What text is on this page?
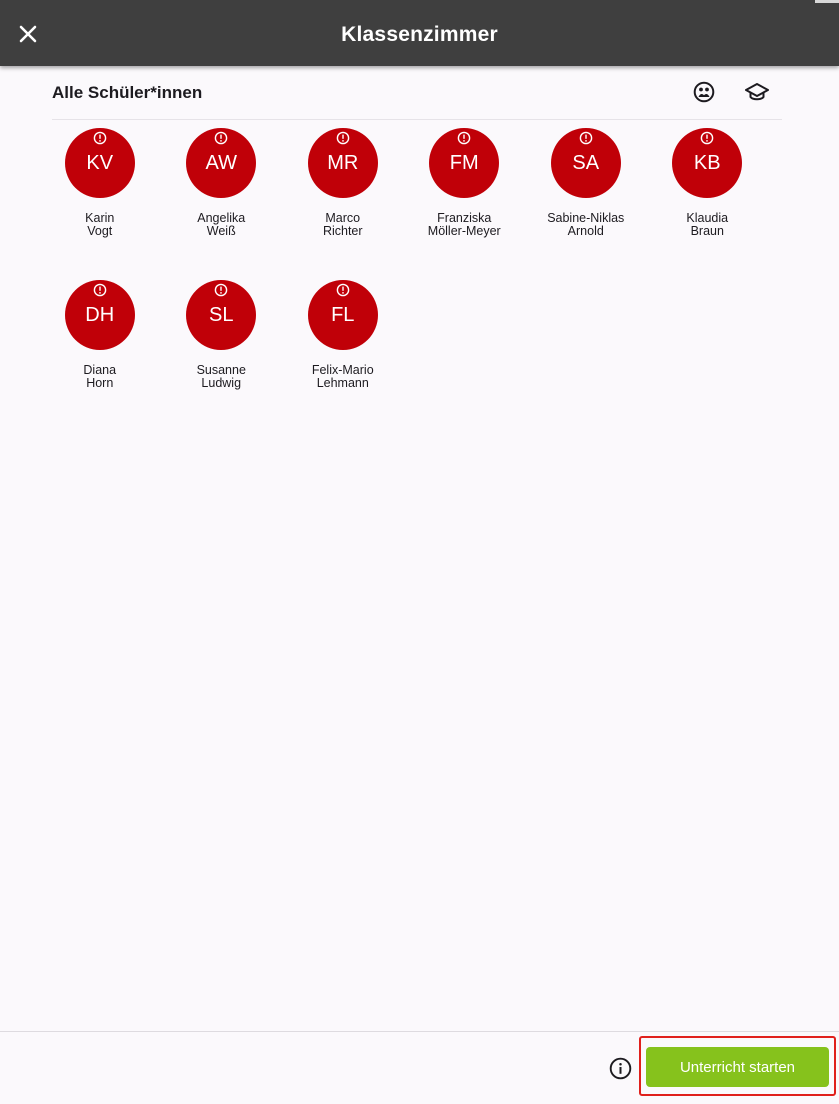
Klassenzimmer
Alle Schüler*innen
KV
Karin
Vogt
AW
Angelika
Weiß
MR
Marco
Richter
FM
Franziska
Möller-Meyer
SA
Sabine-Niklas
Arnold
KB
Klaudia
Braun
DH
Diana
Horn
SL
Susanne
Ludwig
FL
Felix-Mario
Lehmann
Unterricht starten
